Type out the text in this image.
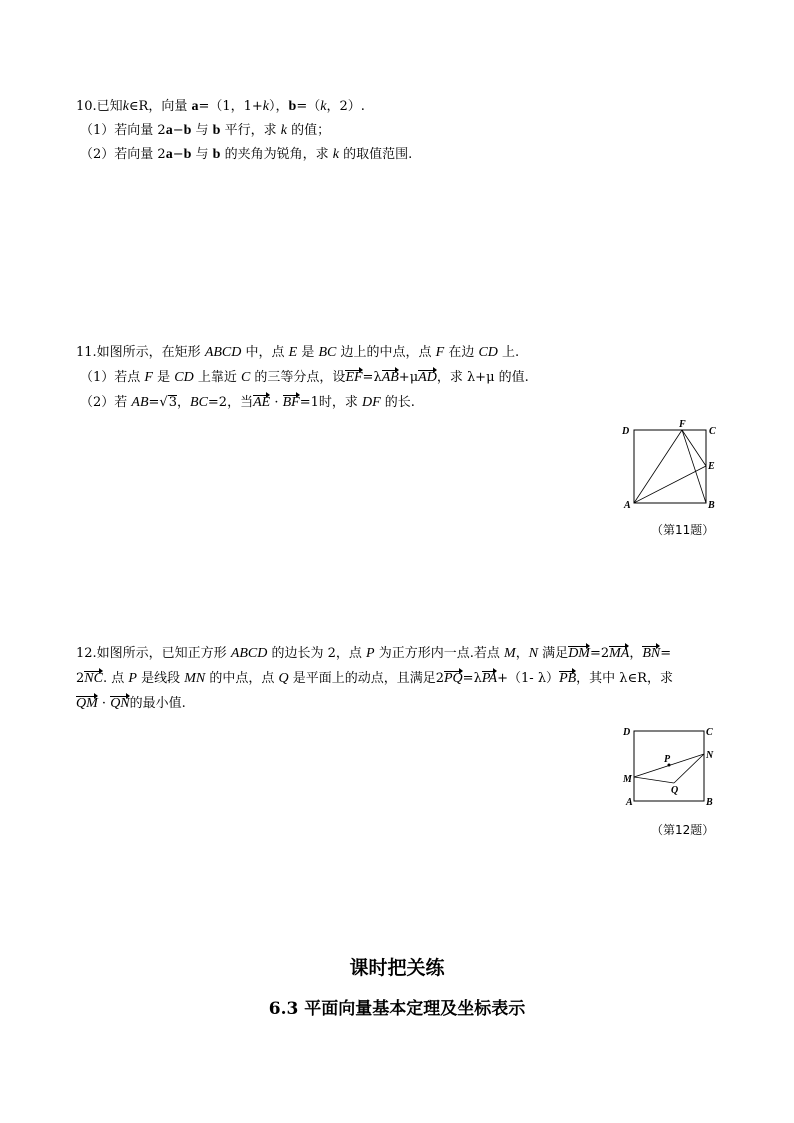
10.已知k∈R，向量 a=（1，1+k），b=（k，2）.
（1）若向量 2a−b 与 b 平行，求 k 的值；
（2）若向量 2a−b 与 b 的夹角为锐角，求 k 的取值范围.
11.如图所示，在矩形 ABCD 中，点 E 是 BC 边上的中点，点 F 在边 CD 上.
（1）若点 F 是 CD 上靠近 C 的三等分点，设EF=λAB+μAD，求 λ+μ 的值.
（2）若 AB=√3，BC=2，当AE · BF=1时，求 DF 的长.
D
F
C
E
A	B
（第11题）
12.如图所示，已知正方形 ABCD 的边长为 2，点 P 为正方形内一点.若点 M，N 满足DM=2MA，BN=
2NC. 点 P 是线段 MN 的中点，点 Q 是平面上的动点，且满足2PQ=λPA+（1- λ）PB，其中 λ∈R，求
QM · QN的最小值.
D	C
P	N
M
Q
A	B
（第12题）
课时把关练
6.3 平面向量基本定理及坐标表示
